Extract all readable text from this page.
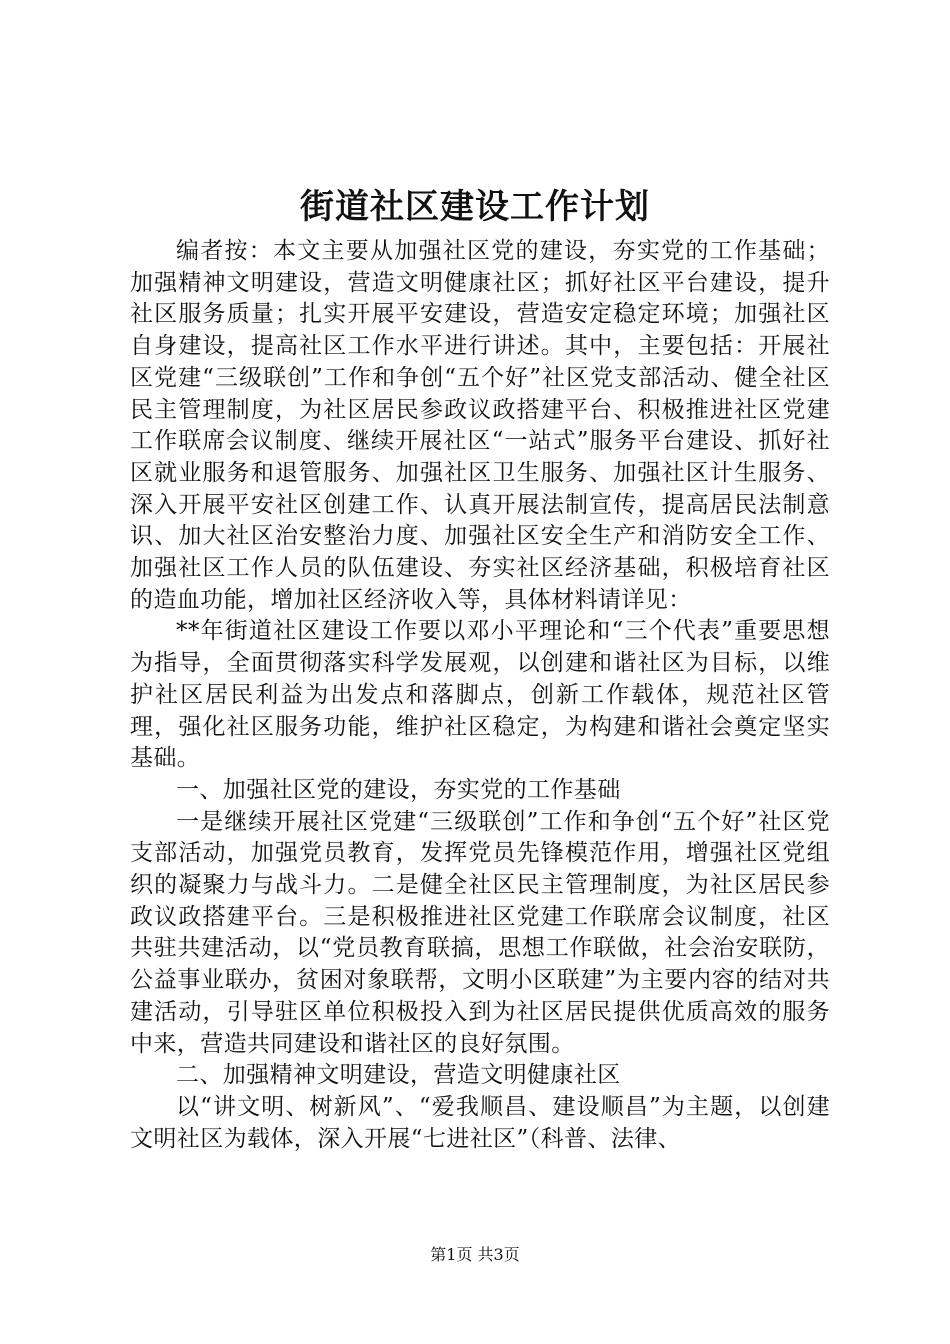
街道社区建设工作计划

编者按：本文主要从加强社区党的建设，夯实党的工作基础；加强精神文明建设，营造文明健康社区；抓好社区平台建设，提升社区服务质量；扎实开展平安建设，营造安定稳定环境；加强社区自身建设，提高社区工作水平进行讲述。其中，主要包括：开展社区党建“三级联创”工作和争创“五个好”社区党支部活动、健全社区民主管理制度，为社区居民参政议政搭建平台、积极推进社区党建工作联席会议制度、继续开展社区“一站式”服务平台建设、抓好社区就业服务和退管服务、加强社区卫生服务、加强社区计生服务、深入开展平安社区创建工作、认真开展法制宣传，提高居民法制意识、加大社区治安整治力度、加强社区安全生产和消防安全工作、加强社区工作人员的队伍建设、夯实社区经济基础，积极培育社区的造血功能，增加社区经济收入等，具体材料请详见：

**年街道社区建设工作要以邓小平理论和“三个代表”重要思想为指导，全面贯彻落实科学发展观，以创建和谐社区为目标，以维护社区居民利益为出发点和落脚点，创新工作载体，规范社区管理，强化社区服务功能，维护社区稳定，为构建和谐社会奠定坚实基础。

一、加强社区党的建设，夯实党的工作基础

一是继续开展社区党建“三级联创”工作和争创“五个好”社区党支部活动，加强党员教育，发挥党员先锋模范作用，增强社区党组织的凝聚力与战斗力。二是健全社区民主管理制度，为社区居民参政议政搭建平台。三是积极推进社区党建工作联席会议制度，社区共驻共建活动，以“党员教育联搞，思想工作联做，社会治安联防，公益事业联办，贫困对象联帮，文明小区联建”为主要内容的结对共建活动，引导驻区单位积极投入到为社区居民提供优质高效的服务中来，营造共同建设和谐社区的良好氛围。

二、加强精神文明建设，营造文明健康社区

以“讲文明、树新风”、“爱我顺昌、建设顺昌”为主题，以创建文明社区为载体，深入开展“七进社区”（科普、法律、

第1页 共3页
